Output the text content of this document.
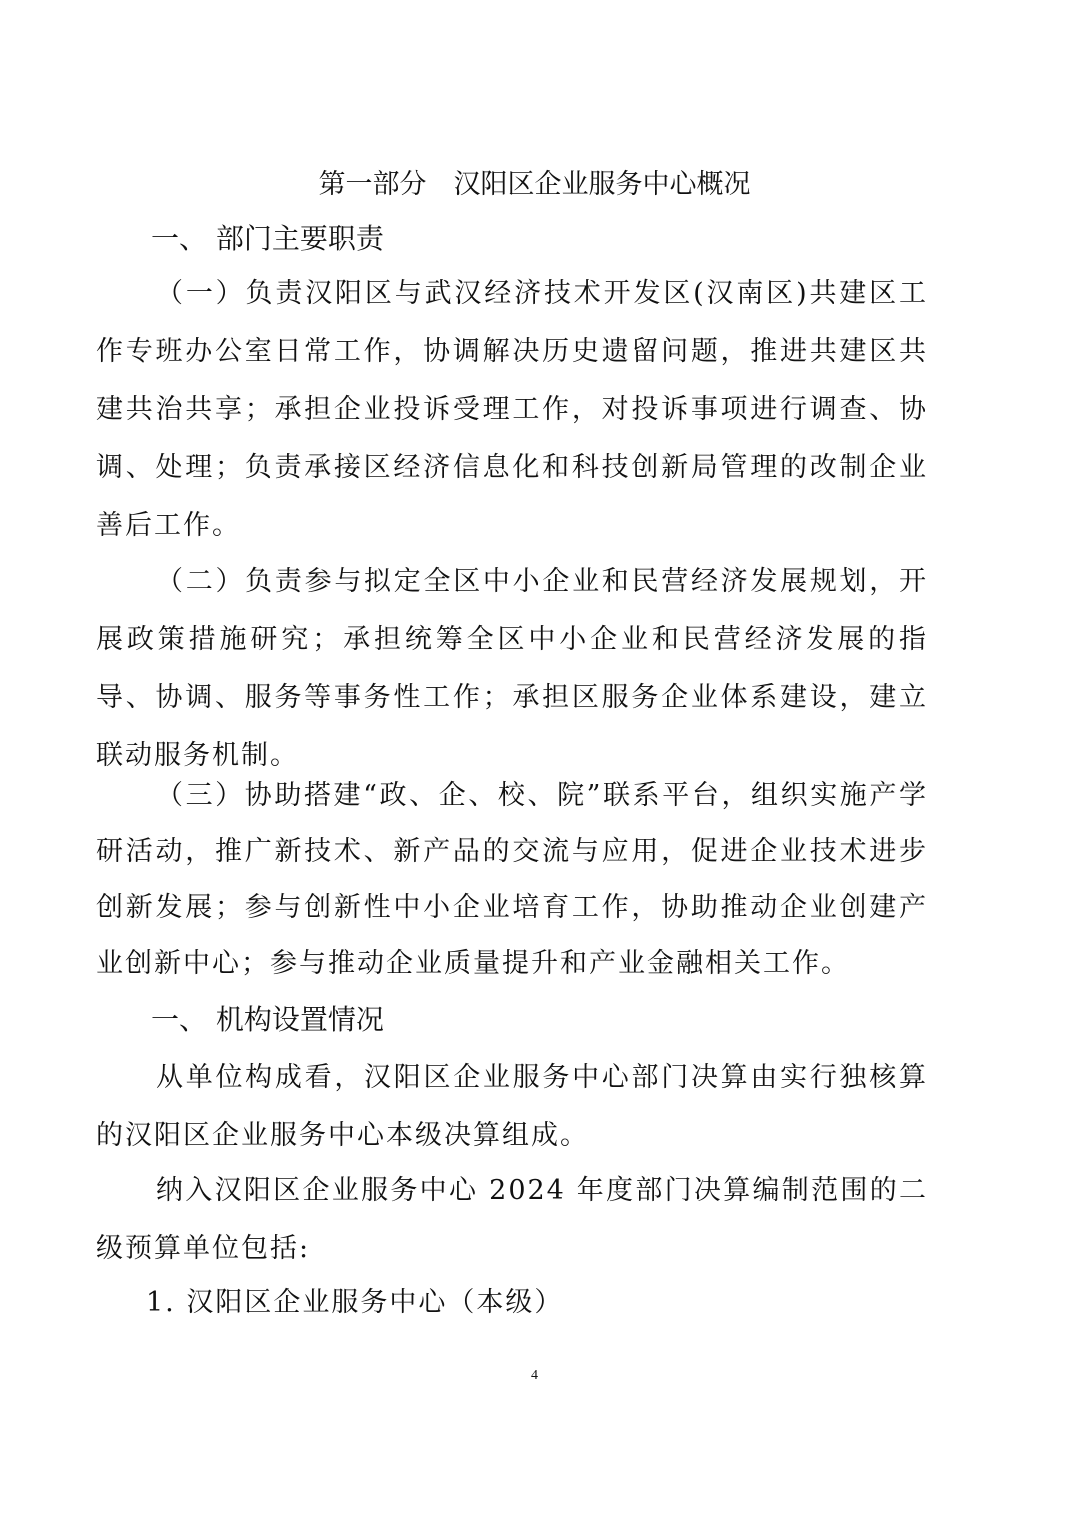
第一部分　汉阳区企业服务中心概况
一、 部门主要职责
（一）负责汉阳区与武汉经济技术开发区(汉南区)共建区工作专班办公室日常工作，协调解决历史遗留问题，推进共建区共建共治共享；承担企业投诉受理工作，对投诉事项进行调查、协调、处理；负责承接区经济信息化和科技创新局管理的改制企业善后工作。
（二）负责参与拟定全区中小企业和民营经济发展规划，开展政策措施研究；承担统筹全区中小企业和民营经济发展的指导、协调、服务等事务性工作；承担区服务企业体系建设，建立联动服务机制。
（三）协助搭建“政、企、校、院”联系平台，组织实施产学研活动，推广新技术、新产品的交流与应用，促进企业技术进步创新发展；参与创新性中小企业培育工作，协助推动企业创建产业创新中心；参与推动企业质量提升和产业金融相关工作。
一、 机构设置情况
从单位构成看，汉阳区企业服务中心部门决算由实行独核算的汉阳区企业服务中心本级决算组成。
纳入汉阳区企业服务中心 2024 年度部门决算编制范围的二级预算单位包括:
1. 汉阳区企业服务中心（本级）
4
